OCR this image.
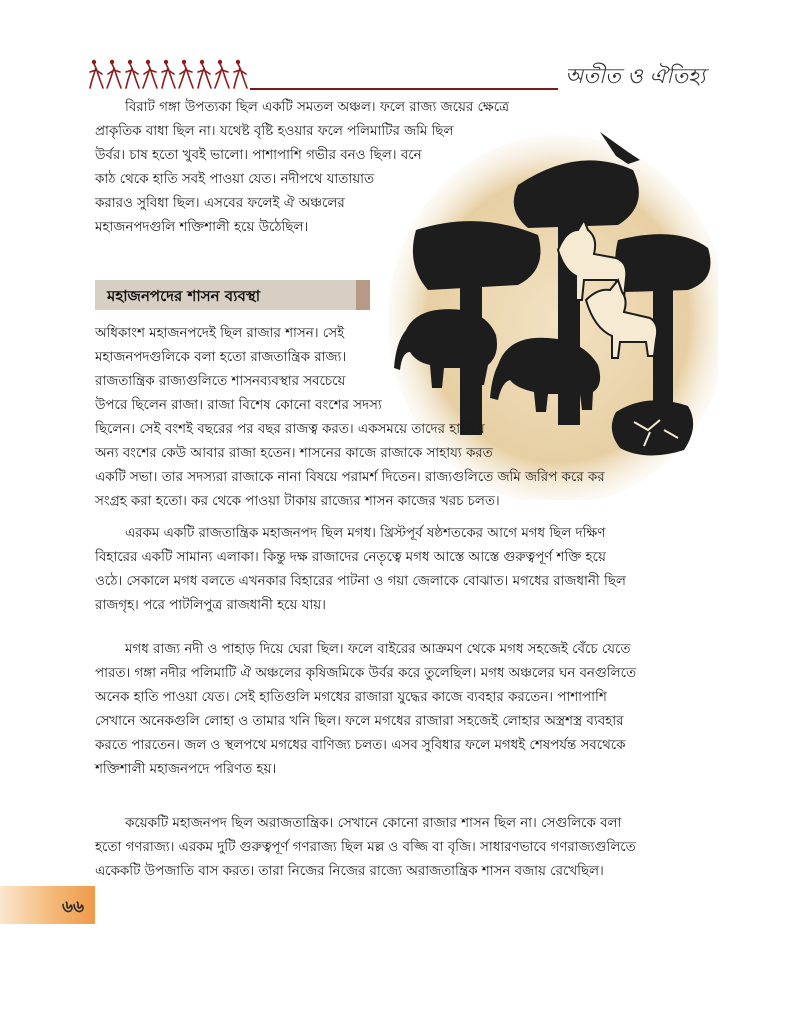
অতীত ও ঐতিহ্য
বিরাট গঙ্গা উপত্যকা ছিল একটি সমতল অঞ্চল। ফলে রাজ্য জয়ের ক্ষেত্রে
প্রাকৃতিক বাধা ছিল না। যথেষ্ট বৃষ্টি হওয়ার ফলে পলিমাটির জমি ছিল
উর্বর। চাষ হতো খুবই ভালো। পাশাপাশি গভীর বনও ছিল। বনে
কাঠ থেকে হাতি সবই পাওয়া যেত। নদীপথে যাতায়াত
করারও সুবিধা ছিল। এসবের ফলেই ঐ অঞ্চলের
মহাজনপদগুলি শক্তিশালী হয়ে উঠেছিল।
মহাজনপদের শাসন ব্যবস্থা
অধিকাংশ মহাজনপদেই ছিল রাজার শাসন। সেই
মহাজনপদগুলিকে বলা হতো রাজতান্ত্রিক রাজ্য।
রাজতান্ত্রিক রাজ্যগুলিতে শাসনব্যবস্থার সবচেয়ে
উপরে ছিলেন রাজা। রাজা বিশেষ কোনো বংশের সদস্য
ছিলেন। সেই বংশই বছরের পর বছর রাজত্ব করত। একসময়ে তাদের হারিয়ে
অন্য বংশের কেউ আবার রাজা হতেন। শাসনের কাজে রাজাকে সাহায্য করত
একটি সভা। তার সদস্যরা রাজাকে নানা বিষয়ে পরামর্শ দিতেন। রাজ্যগুলিতে জমি জরিপ করে কর
সংগ্রহ করা হতো। কর থেকে পাওয়া টাকায় রাজ্যের শাসন কাজের খরচ চলত।
এরকম একটি রাজতান্ত্রিক মহাজনপদ ছিল মগধ। খ্রিস্টপূর্ব ষষ্ঠশতকের আগে মগধ ছিল দক্ষিণ
বিহারের একটি সামান্য এলাকা। কিন্তু দক্ষ রাজাদের নেতৃত্বে মগধ আস্তে আস্তে গুরুত্বপূর্ণ শক্তি হয়ে
ওঠে। সেকালে মগধ বলতে এখনকার বিহারের পাটনা ও গয়া জেলাকে বোঝাত। মগধের রাজধানী ছিল
রাজগৃহ। পরে পাটলিপুত্র রাজধানী হয়ে যায়।
মগধ রাজ্য নদী ও পাহাড় দিয়ে ঘেরা ছিল। ফলে বাইরের আক্রমণ থেকে মগধ সহজেই বেঁচে যেতে
পারত। গঙ্গা নদীর পলিমাটি ঐ অঞ্চলের কৃষিজমিকে উর্বর করে তুলেছিল। মগধ অঞ্চলের ঘন বনগুলিতে
অনেক হাতি পাওয়া যেত। সেই হাতিগুলি মগধের রাজারা যুদ্ধের কাজে ব্যবহার করতেন। পাশাপাশি
সেখানে অনেকগুলি লোহা ও তামার খনি ছিল। ফলে মগধের রাজারা সহজেই লোহার অস্ত্রশস্ত্র ব্যবহার
করতে পারতেন। জল ও স্থলপথে মগধের বাণিজ্য চলত। এসব সুবিধার ফলে মগধই শেষপর্যন্ত সবথেকে
শক্তিশালী মহাজনপদে পরিণত হয়।
কয়েকটি মহাজনপদ ছিল অরাজতান্ত্রিক। সেখানে কোনো রাজার শাসন ছিল না। সেগুলিকে বলা
হতো গণরাজ্য। এরকম দুটি গুরুত্বপূর্ণ গণরাজ্য ছিল মল্ল ও বজ্জি বা বৃজি। সাধারণভাবে গণরাজ্যগুলিতে
একেকটি উপজাতি বাস করত। তারা নিজের নিজের রাজ্যে অরাজতান্ত্রিক শাসন বজায় রেখেছিল।
৬৬
